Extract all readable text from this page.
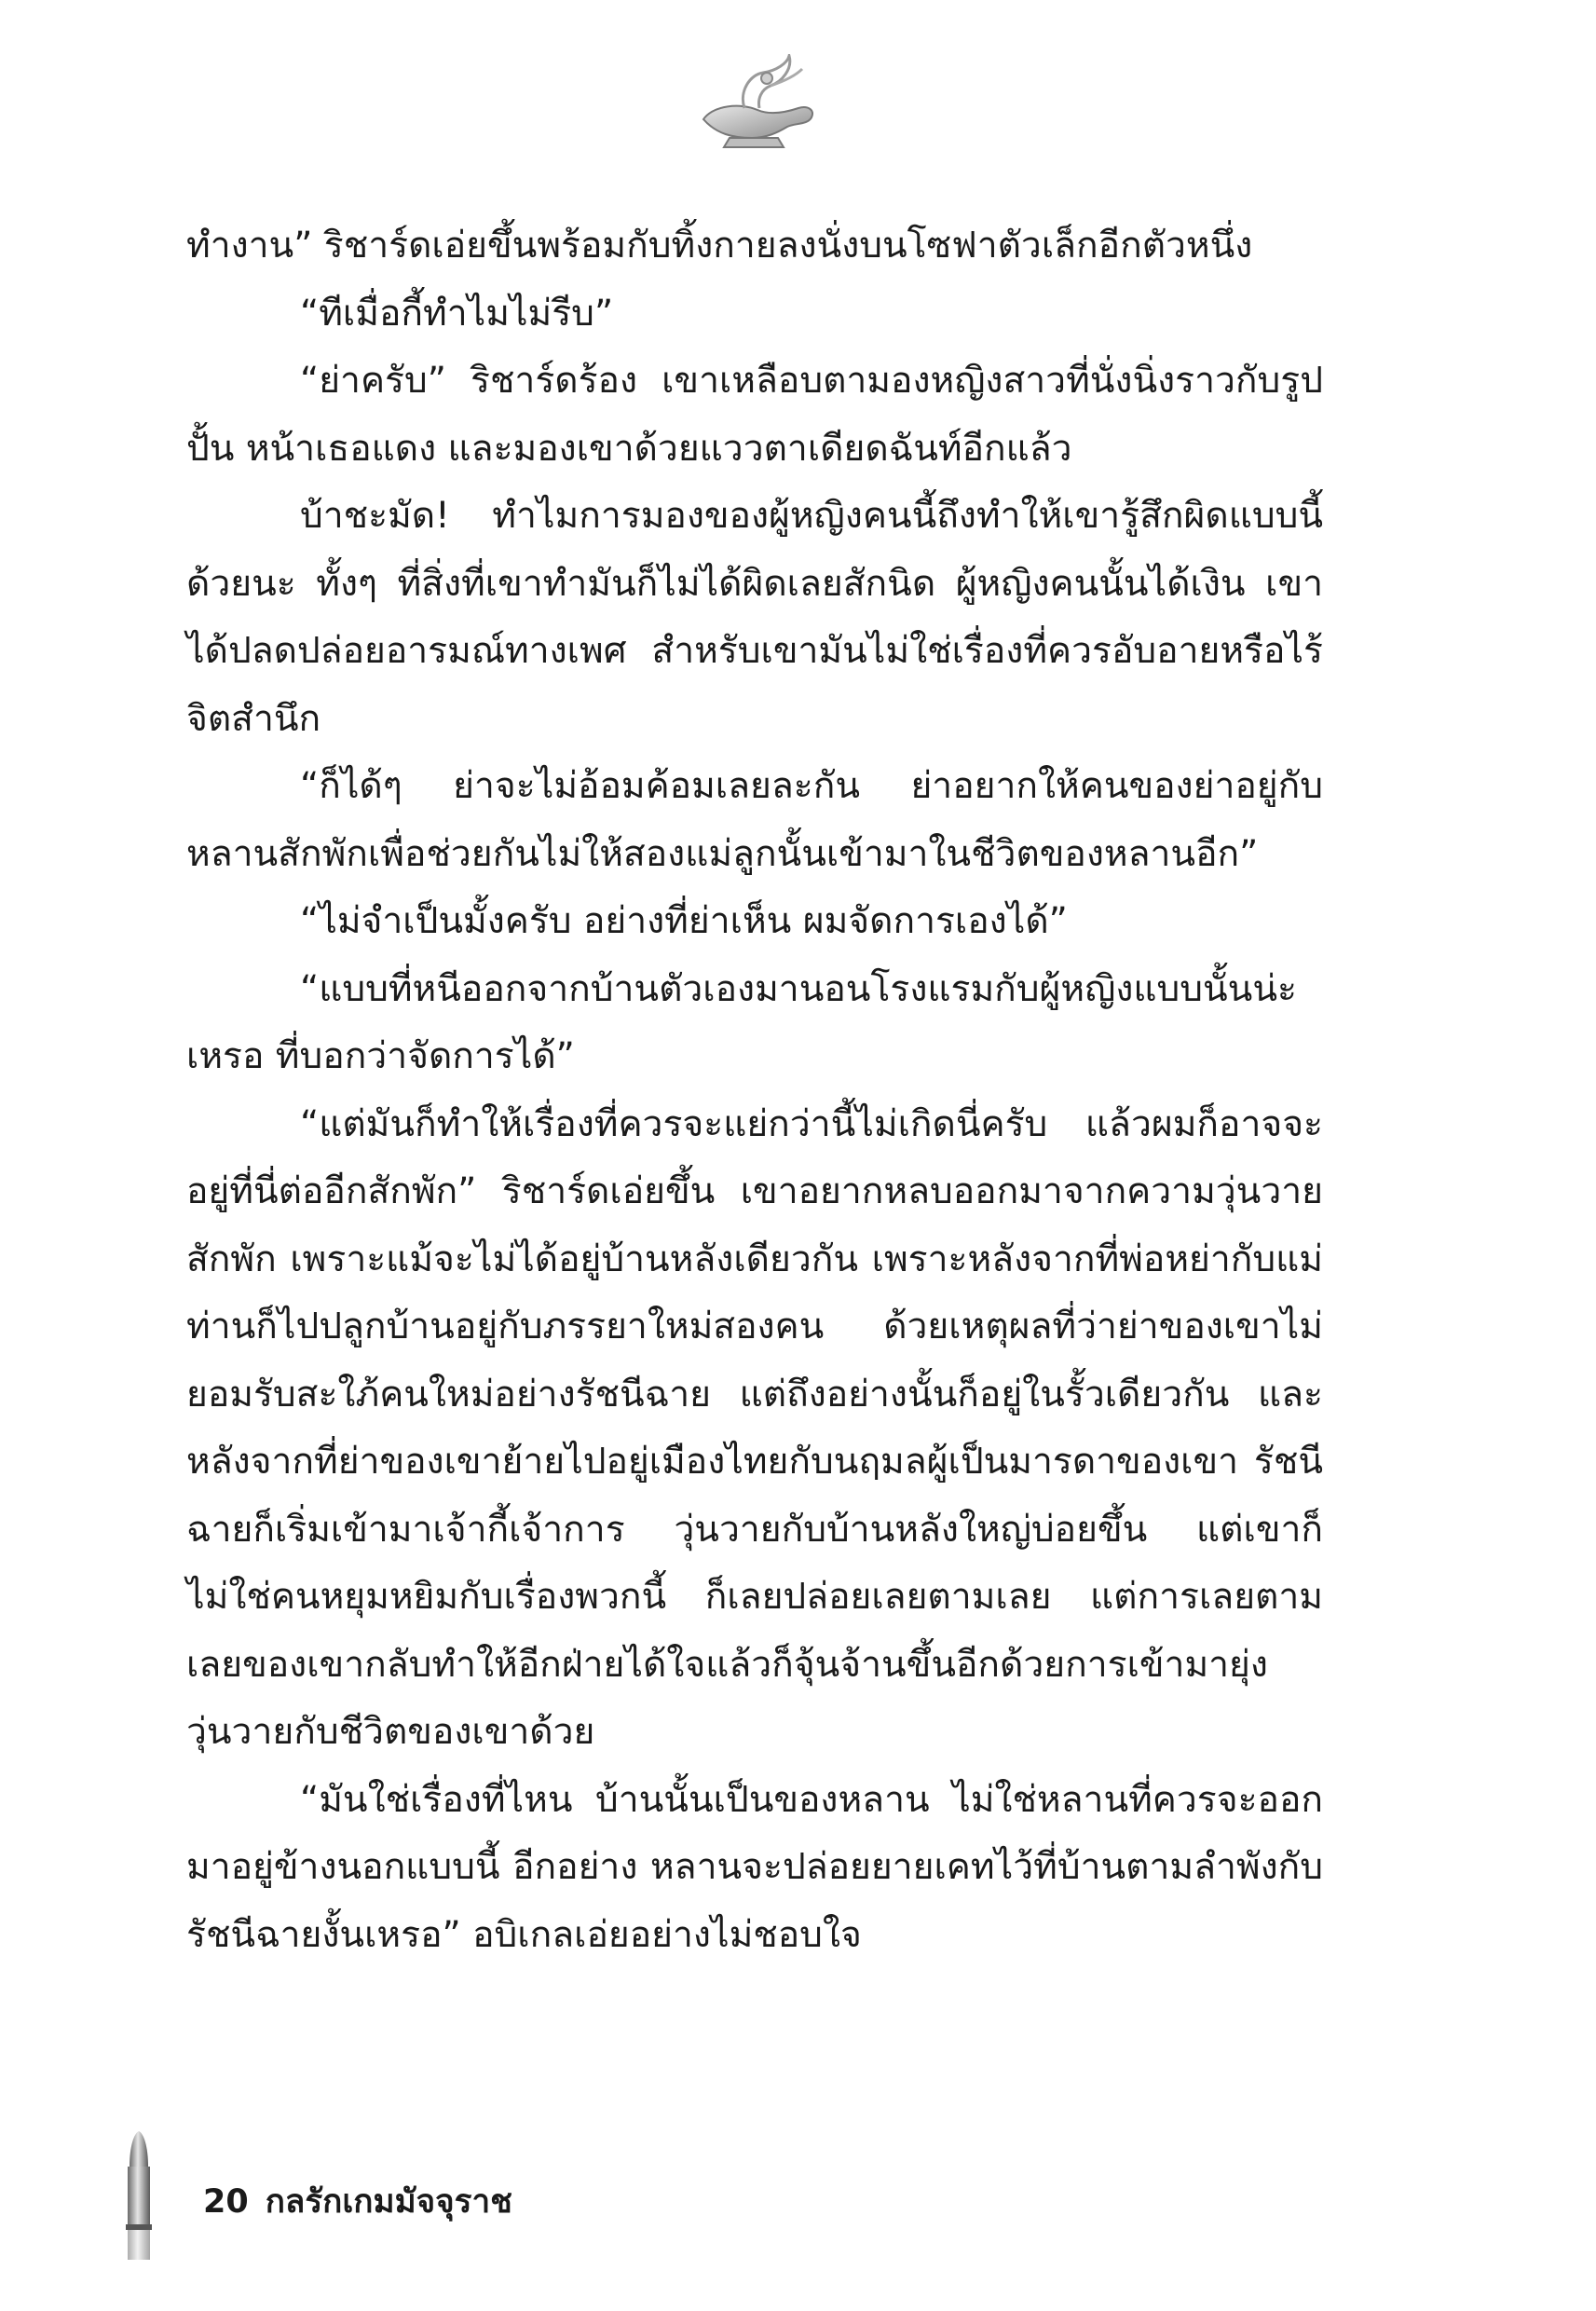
ทำงาน” ริชาร์ดเอ่ยขึ้นพร้อมกับทิ้งกายลงนั่งบนโซฟาตัวเล็กอีกตัวหนึ่ง

“ทีเมื่อกี้ทำไมไม่รีบ”

“ย่าครับ” ริชาร์ดร้อง เขาเหลือบตามองหญิงสาวที่นั่งนิ่งราวกับรูปปั้น หน้าเธอแดง และมองเขาด้วยแววตาเดียดฉันท์อีกแล้ว

บ้าชะมัด! ทำไมการมองของผู้หญิงคนนี้ถึงทำให้เขารู้สึกผิดแบบนี้ด้วยนะ ทั้งๆ ที่สิ่งที่เขาทำมันก็ไม่ได้ผิดเลยสักนิด ผู้หญิงคนนั้นได้เงิน เขาได้ปลดปล่อยอารมณ์ทางเพศ สำหรับเขามันไม่ใช่เรื่องที่ควรอับอายหรือไร้จิตสำนึก

“ก็ได้ๆ ย่าจะไม่อ้อมค้อมเลยละกัน ย่าอยากให้คนของย่าอยู่กับหลานสักพักเพื่อช่วยกันไม่ให้สองแม่ลูกนั้นเข้ามาในชีวิตของหลานอีก”

“ไม่จำเป็นมั้งครับ อย่างที่ย่าเห็น ผมจัดการเองได้”

“แบบที่หนีออกจากบ้านตัวเองมานอนโรงแรมกับผู้หญิงแบบนั้นน่ะเหรอ ที่บอกว่าจัดการได้”

“แต่มันก็ทำให้เรื่องที่ควรจะแย่กว่านี้ไม่เกิดนี่ครับ แล้วผมก็อาจจะอยู่ที่นี่ต่ออีกสักพัก” ริชาร์ดเอ่ยขึ้น เขาอยากหลบออกมาจากความวุ่นวายสักพัก เพราะแม้จะไม่ได้อยู่บ้านหลังเดียวกัน เพราะหลังจากที่พ่อหย่ากับแม่ ท่านก็ไปปลูกบ้านอยู่กับภรรยาใหม่สองคน ด้วยเหตุผลที่ว่าย่าของเขาไม่ยอมรับสะใภ้คนใหม่อย่างรัชนีฉาย แต่ถึงอย่างนั้นก็อยู่ในรั้วเดียวกัน และหลังจากที่ย่าของเขาย้ายไปอยู่เมืองไทยกับนฤมลผู้เป็นมารดาของเขา รัชนีฉายก็เริ่มเข้ามาเจ้ากี้เจ้าการ วุ่นวายกับบ้านหลังใหญ่บ่อยขึ้น แต่เขาก็ไม่ใช่คนหยุมหยิมกับเรื่องพวกนี้ ก็เลยปล่อยเลยตามเลย แต่การเลยตามเลยของเขากลับทำให้อีกฝ่ายได้ใจแล้วก็จุ้นจ้านขึ้นอีกด้วยการเข้ามายุ่งวุ่นวายกับชีวิตของเขาด้วย

“มันใช่เรื่องที่ไหน บ้านนั้นเป็นของหลาน ไม่ใช่หลานที่ควรจะออกมาอยู่ข้างนอกแบบนี้ อีกอย่าง หลานจะปล่อยยายเคทไว้ที่บ้านตามลำพังกับรัชนีฉายงั้นเหรอ” อบิเกลเอ่ยอย่างไม่ชอบใจ

20 กลรักเกมมัจจุราช
